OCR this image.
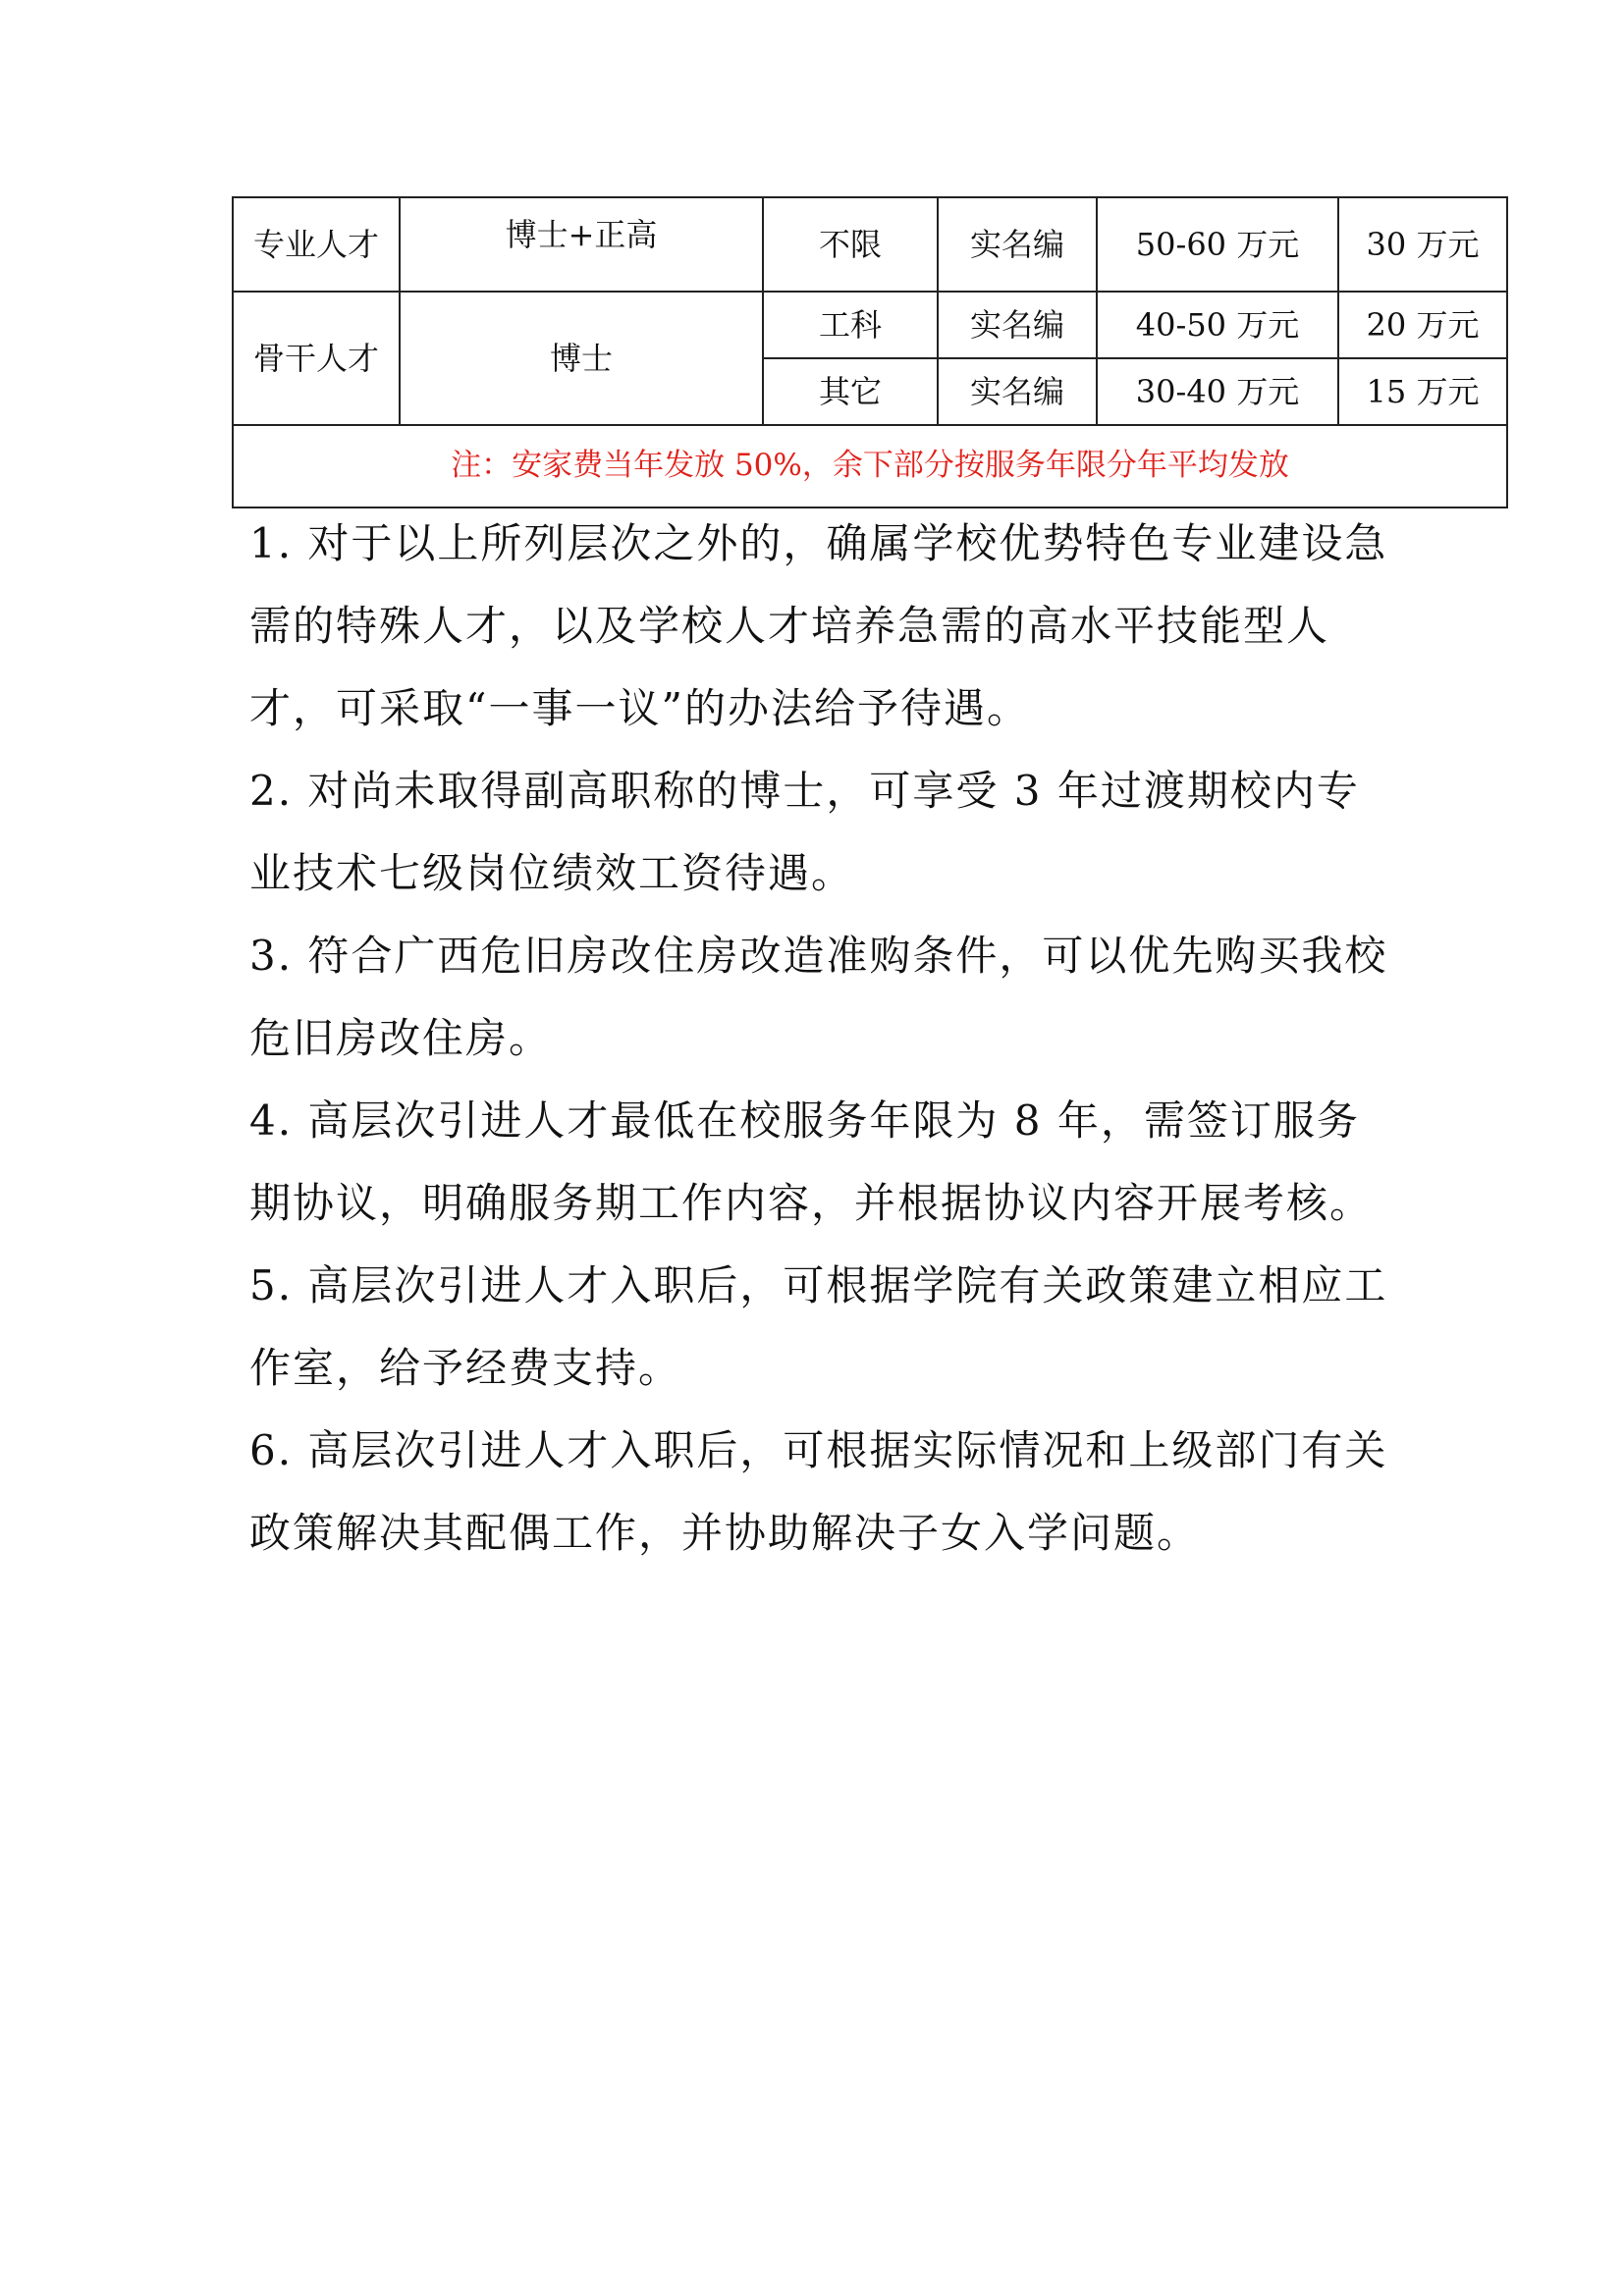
专业人才	博士+正高	不限	实名编	50-60 万元	30 万元
骨干人才	博士	工科	实名编	40-50 万元	20 万元
		其它	实名编	30-40 万元	15 万元
注：安家费当年发放 50%，余下部分按服务年限分年平均发放					

1. 对于以上所列层次之外的，确属学校优势特色专业建设急需的特殊人才，以及学校人才培养急需的高水平技能型人才，可采取“一事一议”的办法给予待遇。

2. 对尚未取得副高职称的博士，可享受 3 年过渡期校内专业技术七级岗位绩效工资待遇。

3. 符合广西危旧房改住房改造准购条件，可以优先购买我校危旧房改住房。

4. 高层次引进人才最低在校服务年限为 8 年，需签订服务期协议，明确服务期工作内容，并根据协议内容开展考核。

5. 高层次引进人才入职后，可根据学院有关政策建立相应工作室，给予经费支持。

6. 高层次引进人才入职后，可根据实际情况和上级部门有关政策解决其配偶工作，并协助解决子女入学问题。
